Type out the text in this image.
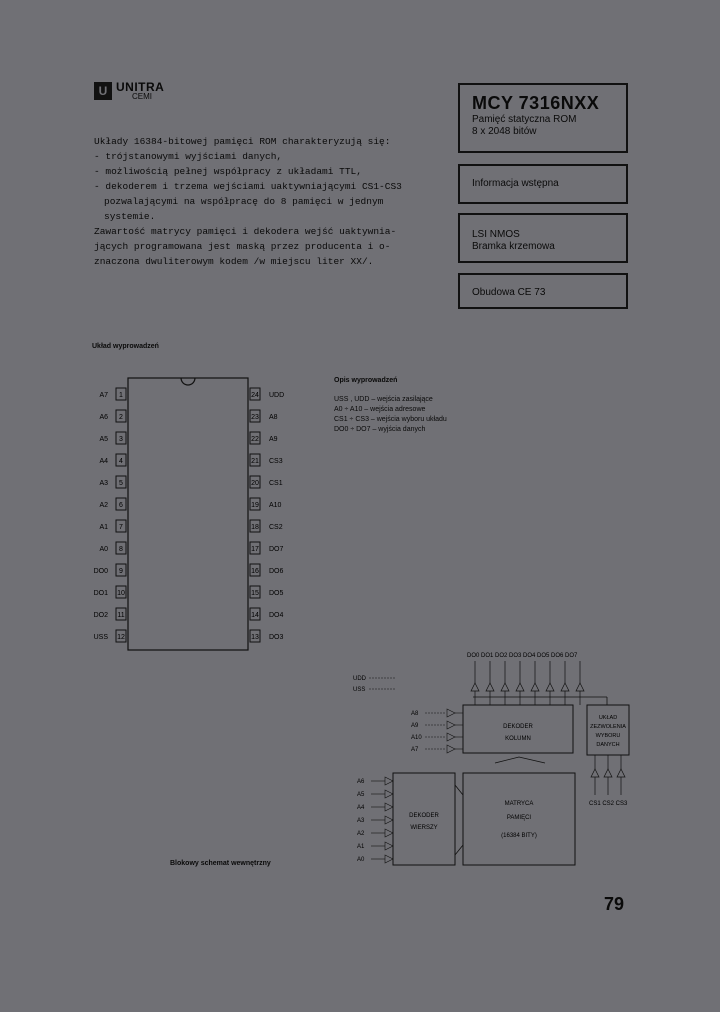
U UNITRA
CEMI	MCY 7316NXX
Pamięć statyczna ROM
8 x 2048 bitów
Informacja wstępna
LSI NMOS
Bramka krzemowa
Obudowa CE 73

Układy 16384-bitowej pamięci ROM charakteryzują się:

- trójstanowymi wyjściami danych,

- możliwością pełnej współpracy z układami TTL,

- dekoderem i trzema wejściami uaktywniającymi CS1-CS3

pozwalającymi na współpracę do 8 pamięci w jednym

systemie.

Zawartość matrycy pamięci i dekodera wejść uaktywnia-

jących programowana jest maską przez producenta i o-

znaczona dwuliterowym kodem /w miejscu liter XX/.

Układ wyprowadzeń
1
A7
2
A6
3
A5
4
A4
5
A3
6
A2
7
A1
8
A0
9
DO0
10
DO1
11
DO2
12
USS
24 UDD
23 A8
22 A9
21 CS3
20 CS1
19 A10
18 CS2
17 DO7
16 DO6
15 DO5
14 DO4
13 DO3
Opis wyprowadzeń
USS , UDD – wejścia zasilające
A0 ÷ A10 – wejścia adresowe
CS1 ÷ CS3 – wejścia wyboru układu
DO0 ÷ DO7 – wyjścia danych
DO0 DO1 DO2 DO3 DO4 DO5 DO6 DO7
UDD
USS
DEKODER
KOLUMN
A8
A9
A10
A7
DEKODER
WIERSZY
A6
A5
A4
A3
A2
A1
A0
MATRYCA
PAMIĘCI
(16384 BITY)
UKŁAD
ZEZWOLENIA
WYBORU
DANYCH
CS1 CS2 CS3
Blokowy schemat wewnętrzny
79
